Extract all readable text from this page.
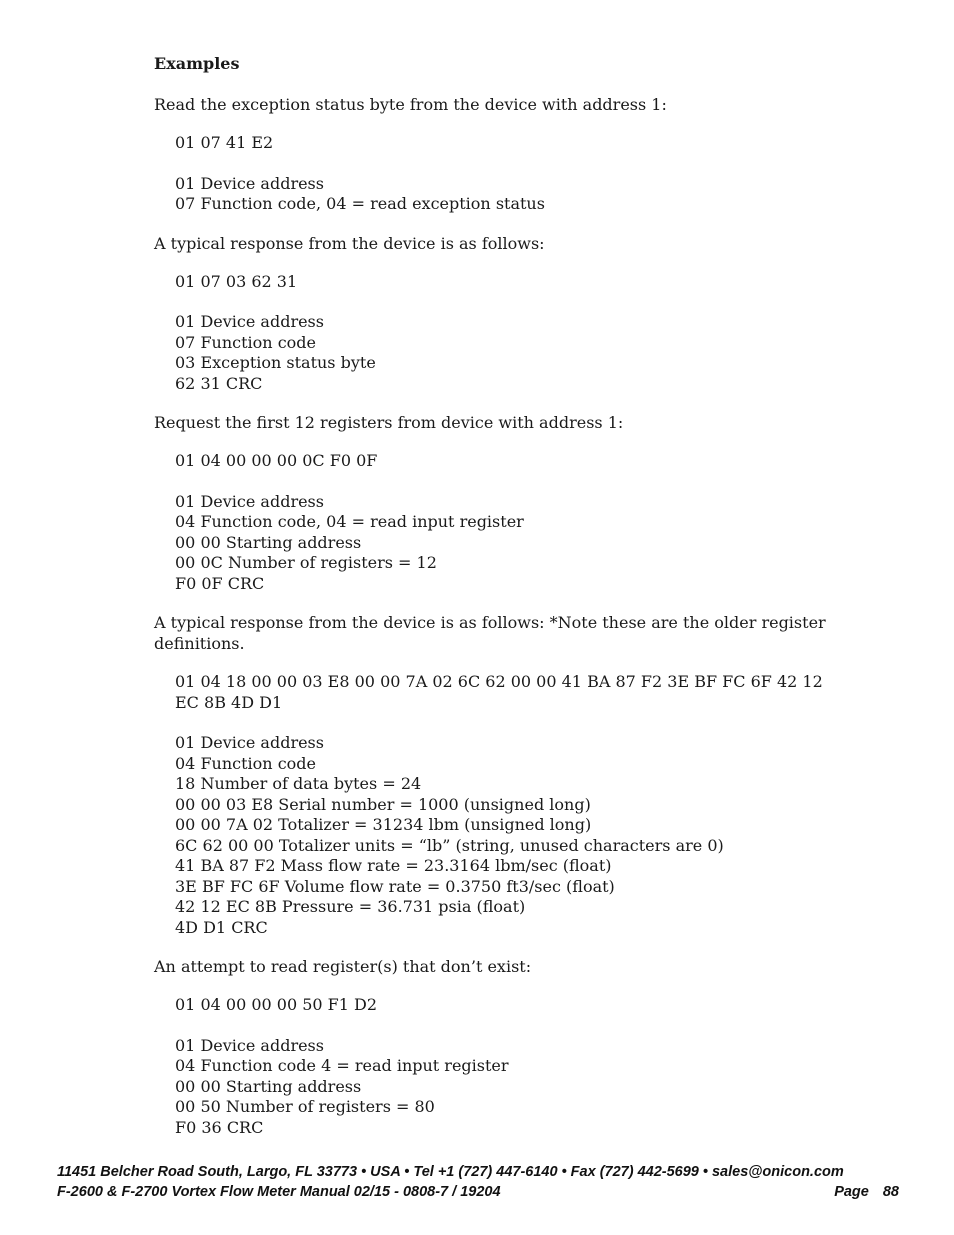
Examples
Read the exception status byte from the device with address 1:
01 07 41 E2
01 Device address
07 Function code, 04 = read exception status
A typical response from the device is as follows:
01 07 03 62 31
01 Device address
07 Function code
03 Exception status byte
62 31 CRC
Request the first 12 registers from device with address 1:
01 04 00 00 00 0C F0 0F
01 Device address
04 Function code, 04 = read input register
00 00 Starting address
00 0C Number of registers = 12
F0 0F CRC
A typical response from the device is as follows: *Note these are the older register definitions.
01 04 18 00 00 03 E8 00 00 7A 02 6C 62 00 00 41 BA 87 F2 3E BF FC 6F 42 12
EC 8B 4D D1
01 Device address
04 Function code
18 Number of data bytes = 24
00 00 03 E8 Serial number = 1000 (unsigned long)
00 00 7A 02 Totalizer = 31234 lbm (unsigned long)
6C 62 00 00 Totalizer units = “lb” (string, unused characters are 0)
41 BA 87 F2 Mass flow rate = 23.3164 lbm/sec (float)
3E BF FC 6F Volume flow rate = 0.3750 ft3/sec (float)
42 12 EC 8B Pressure = 36.731 psia (float)
4D D1 CRC
An attempt to read register(s) that don’t exist:
01 04 00 00 00 50 F1 D2
01 Device address
04 Function code 4 = read input register
00 00 Starting address
00 50 Number of registers = 80
F0 36 CRC
11451 Belcher Road South, Largo, FL 33773 • USA • Tel +1 (727) 447-6140 • Fax (727) 442-5699 • sales@onicon.com
F-2600 & F-2700 Vortex Flow Meter Manual 02/15 - 0808-7 / 19204	Page 88
